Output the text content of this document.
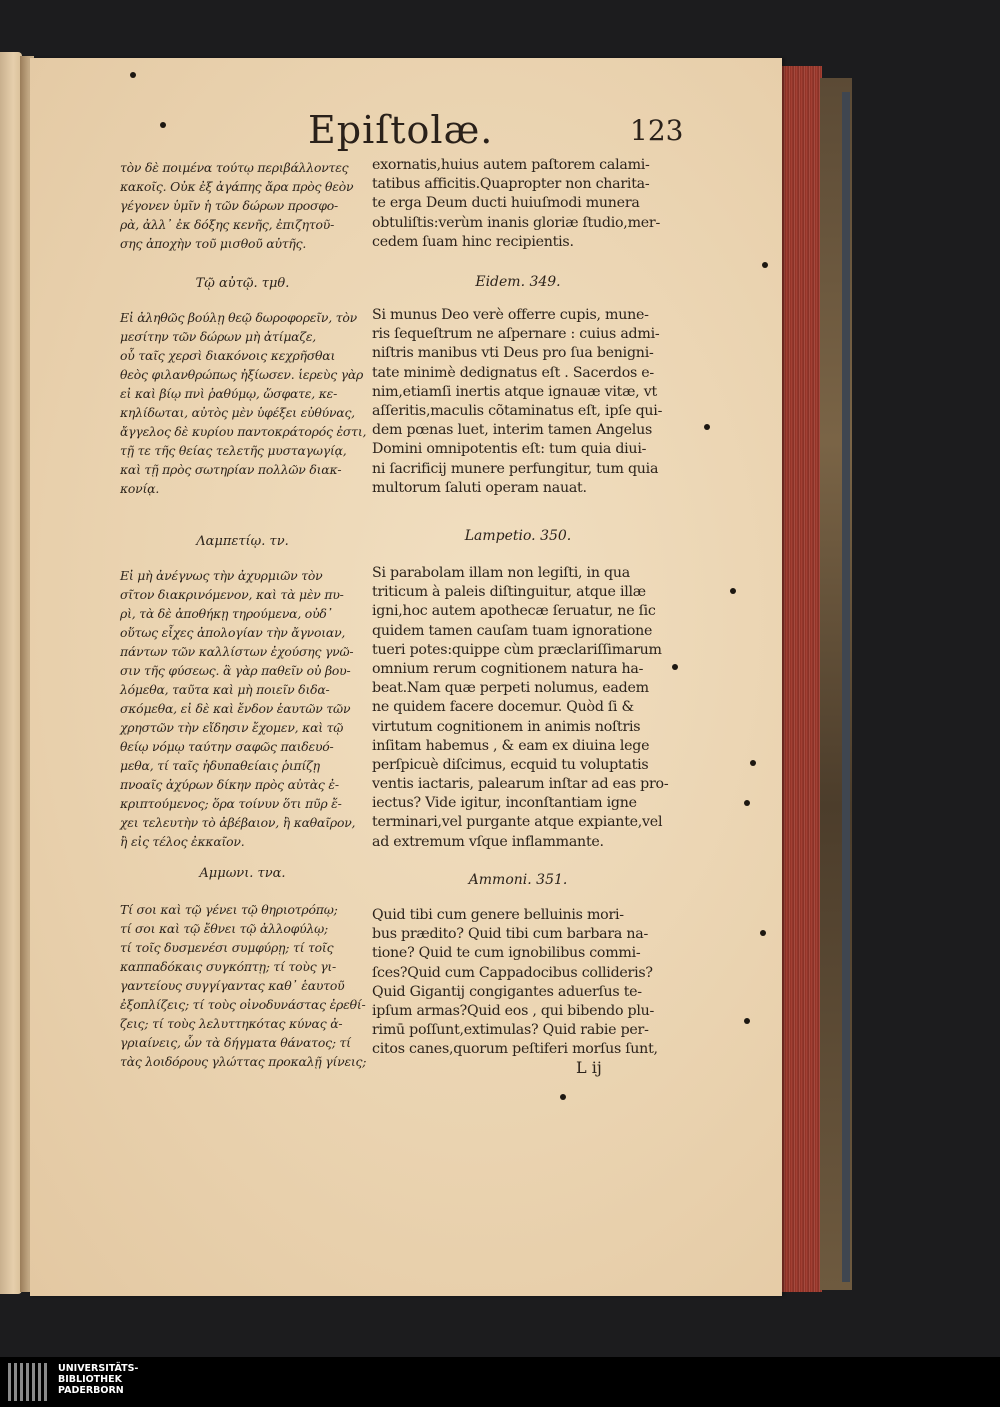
Epiſtolæ.	123
τὸν δὲ ποιμένα τούτῳ περιβάλλοντες
κακοῖς. Οὐκ ἐξ ἀγάπης ἄρα πρὸς θεὸν
γέγονεν ὑμῖν ἡ τῶν δώρων προσφο-
ρὰ, ἀλλ᾽ ἐκ δόξης κενῆς, ἐπιζητοῦ-
σης ἀποχὴν τοῦ μισθοῦ αὐτῆς.
Τῷ αὐτῷ. τμθ.
Εἰ ἀληθῶς βούλῃ θεῷ δωροφορεῖν, τὸν
μεσίτην τῶν δώρων μὴ ἀτίμαζε,
οὗ ταῖς χερσὶ διακόνοις κεχρῆσθαι
θεὸς φιλανθρώπως ἠξίωσεν. ἱερεὺς γὰρ
εἰ καὶ βίῳ πνὶ ῥαθύμῳ, ὥσφατε, κε-
κηλίδωται, αὐτὸς μὲν ὑφέξει εὐθύνας,
ἄγγελος δὲ κυρίου παντοκράτορός ἐστι,
τῇ τε τῆς θείας τελετῆς μυσταγωγίᾳ,
καὶ τῇ πρὸς σωτηρίαν πολλῶν διακ-
κονίᾳ.
Λαμπετίῳ. τν.
Εἰ μὴ ἀνέγνως τὴν ἀχυρμιῶν τὸν
σῖτον διακρινόμενον, καὶ τὰ μὲν πυ-
ρὶ, τὰ δὲ ἀποθήκῃ τηρούμενα, οὐδ᾽
οὕτως εἶχες ἀπολογίαν τὴν ἄγνοιαν,
πάντων τῶν καλλίστων ἐχούσης γνῶ-
σιν τῆς φύσεως. ἃ γὰρ παθεῖν οὐ βου-
λόμεθα, ταῦτα καὶ μὴ ποιεῖν διδα-
σκόμεθα, εἰ δὲ καὶ ἔνδον ἑαυτῶν τῶν
χρηστῶν τὴν εἴδησιν ἔχομεν, καὶ τῷ
θείῳ νόμῳ ταύτην σαφῶς παιδευό-
μεθα, τί ταῖς ἡδυπαθείαις ῥιπίζῃ
πνοαῖς ἀχύρων δίκην πρὸς αὐτὰς ἐ-
κριπτούμενος; ὅρα τοίνυν ὅτι πῦρ ἔ-
χει τελευτὴν τὸ ἀβέβαιον, ἢ καθαῖρον,
ἢ εἰς τέλος ἐκκαῖον.
Αμμωνι. τνα.
Τί σοι καὶ τῷ γένει τῷ θηριοτρόπῳ;
τί σοι καὶ τῷ ἔθνει τῷ ἀλλοφύλῳ;
τί τοῖς δυσμενέσι συμφύρῃ; τί τοῖς
καππαδόκαις συγκόπτῃ; τί τοὺς γι-
γαντείους συγγίγαντας καθ᾽ ἑαυτοῦ
ἐξοπλίζεις; τί τοὺς οἰνοδυνάστας ἐρεθί-
ζεις; τί τοὺς λελυττηκότας κύνας ἀ-
γριαίνεις, ὧν τὰ δήγματα θάνατος; τί
τὰς λοιδόρους γλώττας προκαλῇ γίνεις;
exornatis,huius autem paſtorem calami-
tatibus afficitis.Quapropter non charita-
te erga Deum ducti huiuſmodi munera
obtuliſtis:verùm inanis gloriæ ſtudio,mer-
cedem ſuam hinc recipientis.
Eidem. 349.
Si munus Deo verè offerre cupis, mune-
ris ſequeſtrum ne aſpernare : cuius admi-
niſtris manibus vti Deus pro ſua benigni-
tate minimè dedignatus eſt . Sacerdos e-
nim,etiamſi inertis atque ignauæ vitæ, vt
aſſeritis,maculis cõtaminatus eſt, ipſe qui-
dem pœnas luet, interim tamen Angelus
Domini omnipotentis eſt: tum quia diui-
ni ſacrificij munere perfungitur, tum quia
multorum ſaluti operam nauat.
Lampetio. 350.
Si parabolam illam non legiſti, in qua
triticum à paleis diſtinguitur, atque illæ
igni,hoc autem apothecæ ſeruatur, ne ſic
quidem tamen cauſam tuam ignoratione
tueri potes:quippe cùm præclariſſimarum
omnium rerum cognitionem natura ha-
beat.Nam quæ perpeti nolumus, eadem
ne quidem facere docemur. Quòd ſi &
virtutum cognitionem in animis noſtris
inſitam habemus , & eam ex diuina lege
perſpicuè diſcimus, ecquid tu voluptatis
ventis iactaris, palearum inſtar ad eas pro-
iectus? Vide igitur, inconſtantiam igne
terminari,vel purgante atque expiante,vel
ad extremum vſque inflammante.
Ammoni. 351.
Quid tibi cum genere belluinis mori-
bus prædito? Quid tibi cum barbara na-
tione? Quid te cum ignobilibus commi-
ſces?Quid cum Cappadocibus collideris?
Quid Gigantij congigantes aduerſus te-
ipſum armas?Quid eos , qui bibendo plu-
rimū poſſunt,extimulas? Quid rabie per-
citos canes,quorum peſtiferi morſus ſunt,
L ij
UNIVERSITÄTS-
BIBLIOTHEK
PADERBORN
